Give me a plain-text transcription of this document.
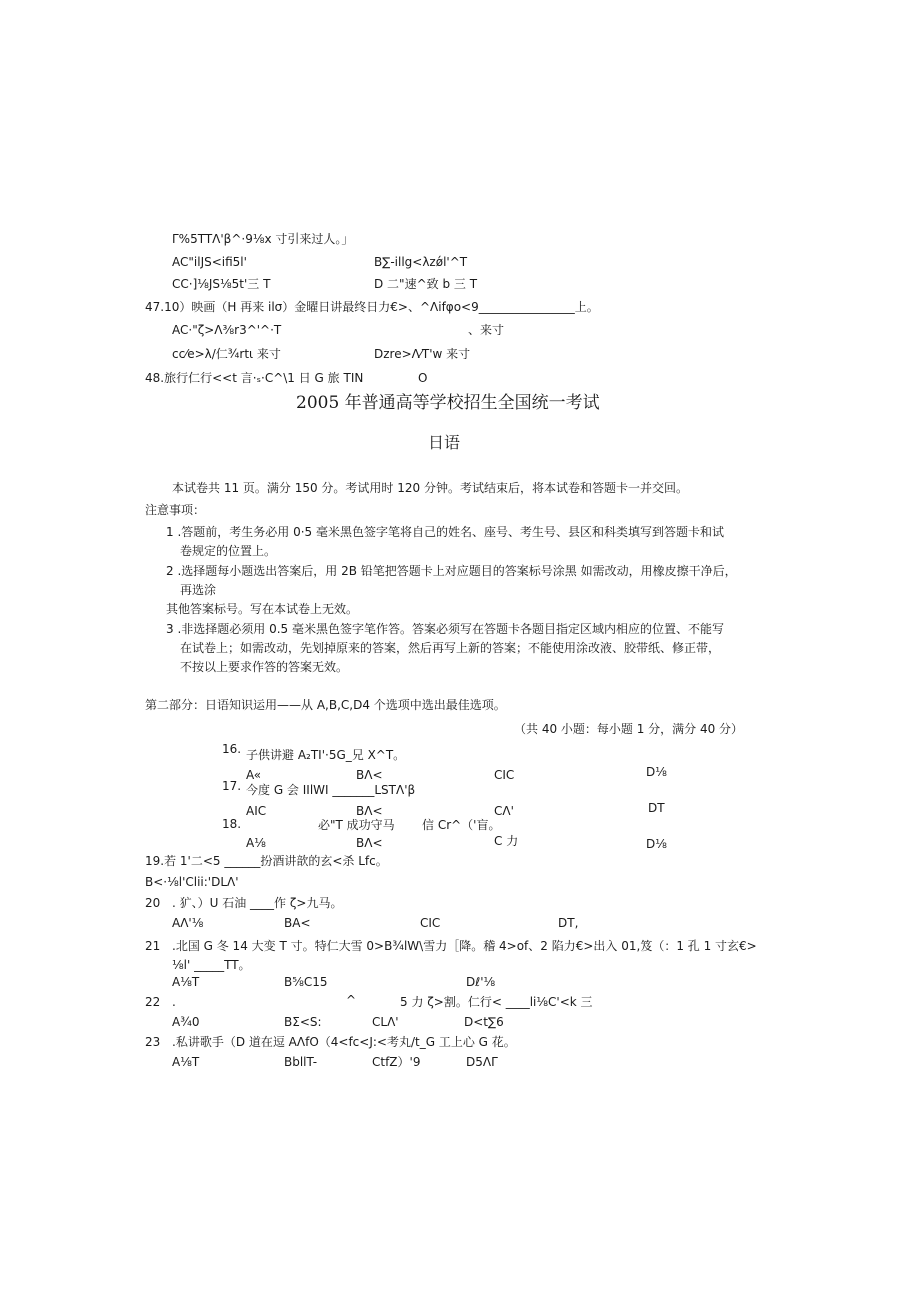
Γ%5TTΛ'β^·9⅛x 寸引来过人。」
AC"ilJS<ifi5l'	B∑-illg<λzǿl'^T
CC·]⅛JS⅛5t'三 T	D 二"速^致 b 三 T
47.10）映画（H 再来 ilσ）金曜日讲最终日力€>、^Λifφo<9________________上。
AC·"ζ>Λ⅜r3^'^·T	、来寸
cc⁄e>λ/仁¾rtι 来寸	Dzre>Λ⁄T'w 来寸
48.旅行仁行<<t 言·ₛ·C^\1 日 G 旅 TIN	O
2005 年普通高等学校招生全国统一考试
日语
本试卷共 11 页。满分 150 分。考试用时 120 分钟。考试结束后，将本试卷和答题卡一并交回。
注意事项：
1 .答题前，考生务必用 0·5 毫米黑色签字笔将自己的姓名、座号、考生号、县区和科类填写到答题卡和试
卷规定的位置上。
2 .选择题每小题选出答案后，用 2B 铅笔把答题卡上对应题目的答案标号涂黑 如需改动，用橡皮擦干净后，
再选涂
其他答案标号。写在本试卷上无效。
3 .非选择题必须用 0.5 毫米黑色签字笔作答。答案必须写在答题卡各题目指定区域内相应的位置、不能写
在试卷上；如需改动，先划掉原来的答案，然后再写上新的答案；不能使用涂改液、胶带纸、修正带，
不按以上要求作答的答案无效。
第二部分：日语知识运用——从 A,B,C,D4 个选项中选出最佳选项。
（共 40 小题：每小题 1 分，满分 40 分）
16. 子供讲避 A₂TI'·5G_兄 X^T。
A«	BΛ<	CIC	D⅛
17. 今度 G 会 IIlWI _______LSTΛ'β
AIC	BΛ<	CΛ'	DT
18.	必"T 成功守马 信 Cr^（'盲。
A⅛	BΛ<	C 力	D⅛
19.若 1'二<5 ______扮酒讲歆的玄<杀 Lfc。
B<·⅛l'Clii:'DLΛ'
20 . 犷、）U 石油 ____作 ζ>九马。
AΛ'⅛	BA<	CIC	DT,
21 .北国 G 冬 14 大变 T 寸。特仁大雪 0>B¾lW\雪力［降。稽 4>of、2 陷力€>出入 01,笈（：1 孔 1 寸玄€>
⅛l' _____TT。
A⅛T	B⅝C15	Dℓ'⅛
22 .	^	5 力 ζ>割。仁行< ____li⅛C'<k 三
A¾0	BΣ<S:	CLΛ'	D<t∑6
23 .私讲歌手（D 道在逗 AΛfO（4<fc<J:<考丸/t_G 工上心 G 花。
A⅛T	BbllT-	CtfZ）'9	D5ΛΓ
